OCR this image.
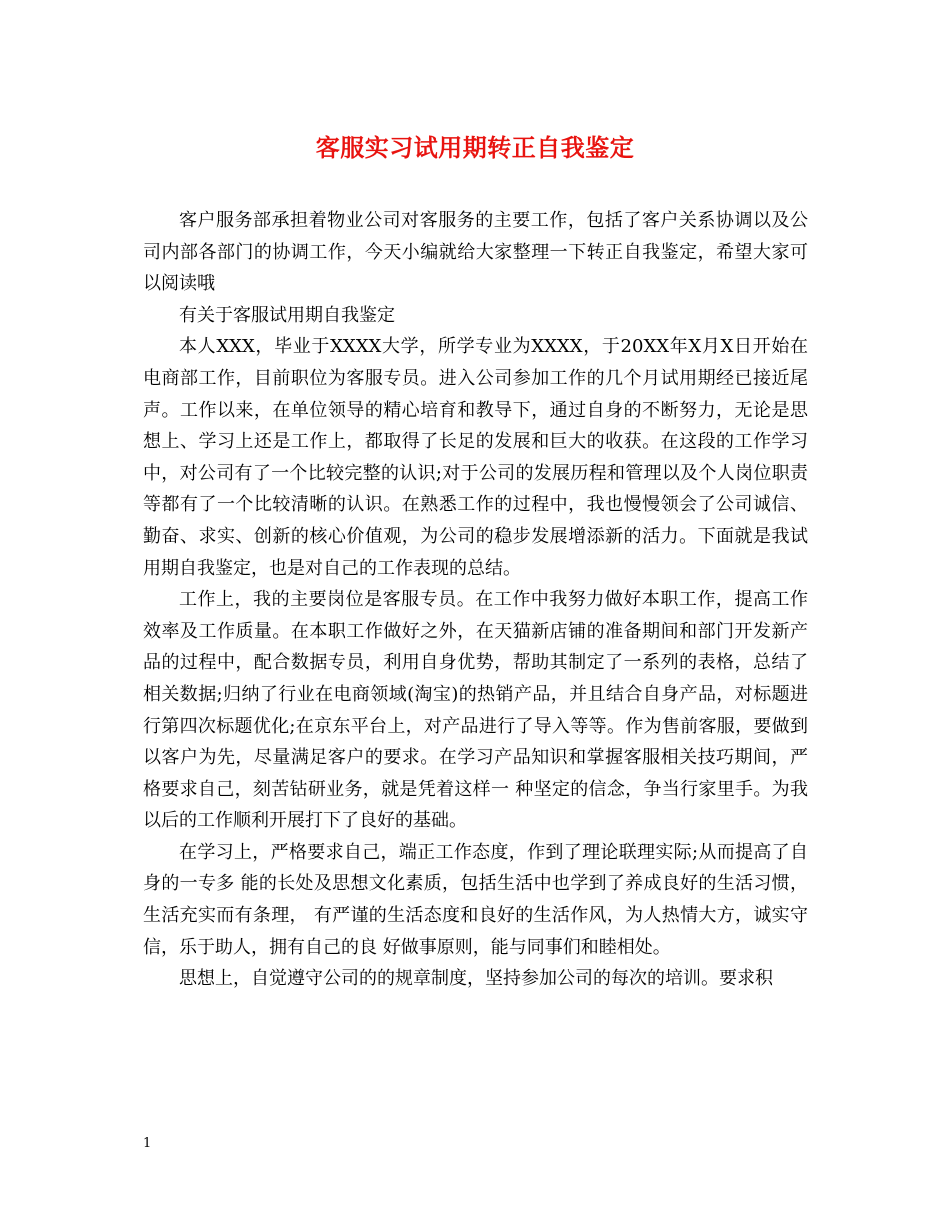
客服实习试用期转正自我鉴定

客户服务部承担着物业公司对客服务的主要工作，包括了客户关系协调以及公司内部各部门的协调工作，今天小编就给大家整理一下转正自我鉴定，希望大家可以阅读哦

有关于客服试用期自我鉴定

本人XXX，毕业于XXXX大学，所学专业为XXXX，于20XX年X月X日开始在电商部工作，目前职位为客服专员。进入公司参加工作的几个月试用期经已接近尾声。工作以来，在单位领导的精心培育和教导下，通过自身的不断努力，无论是思想上、学习上还是工作上，都取得了长足的发展和巨大的收获。在这段的工作学习中，对公司有了一个比较完整的认识;对于公司的发展历程和管理以及个人岗位职责等都有了一个比较清晰的认识。在熟悉工作的过程中，我也慢慢领会了公司诚信、勤奋、求实、创新的核心价值观，为公司的稳步发展增添新的活力。下面就是我试用期自我鉴定，也是对自己的工作表现的总结。

工作上，我的主要岗位是客服专员。在工作中我努力做好本职工作，提高工作效率及工作质量。在本职工作做好之外，在天猫新店铺的准备期间和部门开发新产品的过程中，配合数据专员，利用自身优势，帮助其制定了一系列的表格，总结了相关数据;归纳了行业在电商领域(淘宝)的热销产品，并且结合自身产品，对标题进行第四次标题优化;在京东平台上，对产品进行了导入等等。作为售前客服，要做到以客户为先，尽量满足客户的要求。在学习产品知识和掌握客服相关技巧期间，严格要求自己，刻苦钻研业务，就是凭着这样一 种坚定的信念，争当行家里手。为我以后的工作顺利开展打下了良好的基础。

在学习上，严格要求自己，端正工作态度，作到了理论联理实际;从而提高了自身的一专多 能的长处及思想文化素质，包括生活中也学到了养成良好的生活习惯，生活充实而有条理， 有严谨的生活态度和良好的生活作风，为人热情大方，诚实守信，乐于助人，拥有自己的良 好做事原则，能与同事们和睦相处。

思想上，自觉遵守公司的的规章制度，坚持参加公司的每次的培训。要求积

1
